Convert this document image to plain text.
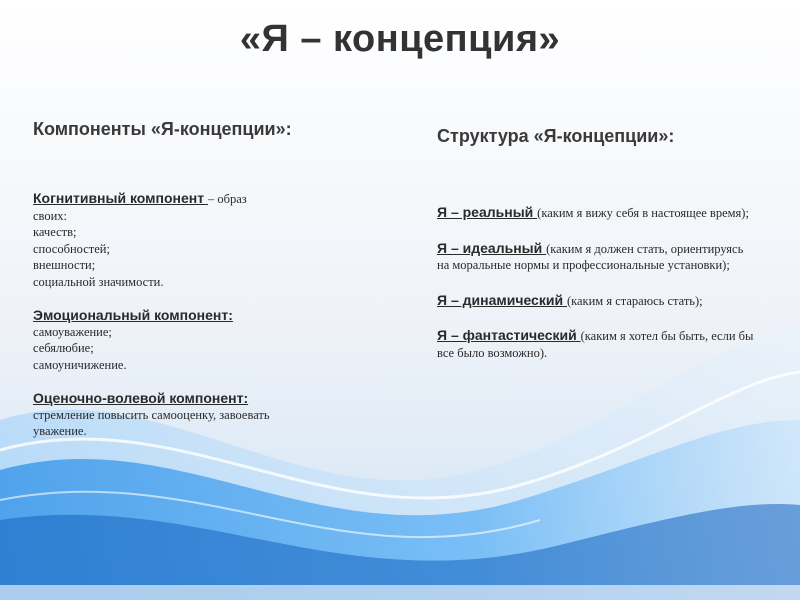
«Я – концепция»
Компоненты «Я-концепции»:
Когнитивный компонент – образ
своих:
качеств;
способностей;
внешности;
социальной значимости.
Эмоциональный компонент:
самоуважение;
себялюбие;
самоуничижение.
Оценочно-волевой компонент:
стремление повысить самооценку, завоевать
уважение.
Структура «Я-концепции»:
Я – реальный (каким я вижу себя в настоящее время);
Я – идеальный (каким я должен стать, ориентируясь на моральные нормы и профессиональные установки);
Я – динамический (каким я стараюсь стать);
Я – фантастический (каким я хотел бы быть, если бы все было возможно).
